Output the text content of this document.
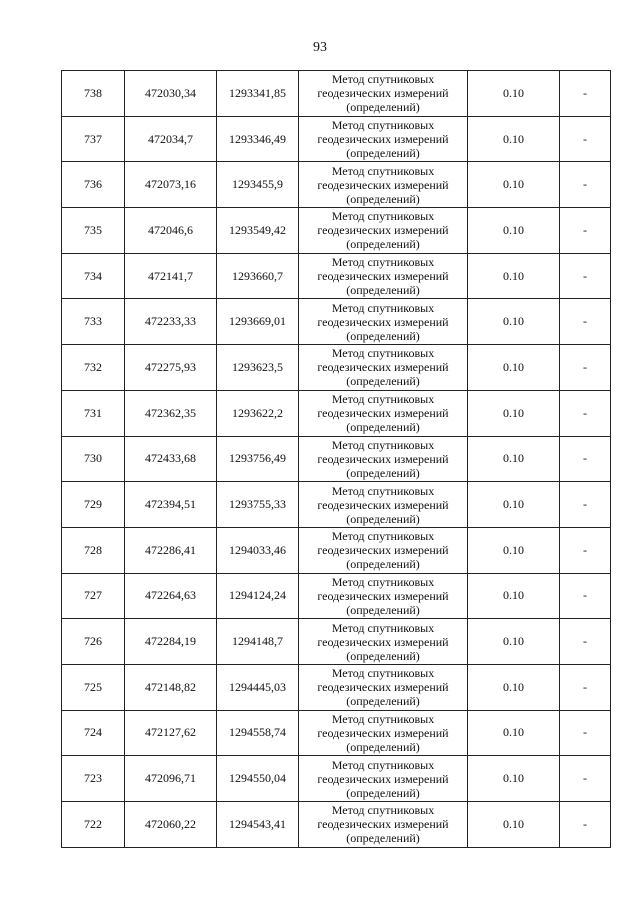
93
738	472030,34	1293341,85	Метод спутниковых
геодезических измерений
(определений)	0.10	-
737	472034,7	1293346,49	Метод спутниковых
геодезических измерений
(определений)	0.10	-
736	472073,16	1293455,9	Метод спутниковых
геодезических измерений
(определений)	0.10	-
735	472046,6	1293549,42	Метод спутниковых
геодезических измерений
(определений)	0.10	-
734	472141,7	1293660,7	Метод спутниковых
геодезических измерений
(определений)	0.10	-
733	472233,33	1293669,01	Метод спутниковых
геодезических измерений
(определений)	0.10	-
732	472275,93	1293623,5	Метод спутниковых
геодезических измерений
(определений)	0.10	-
731	472362,35	1293622,2	Метод спутниковых
геодезических измерений
(определений)	0.10	-
730	472433,68	1293756,49	Метод спутниковых
геодезических измерений
(определений)	0.10	-
729	472394,51	1293755,33	Метод спутниковых
геодезических измерений
(определений)	0.10	-
728	472286,41	1294033,46	Метод спутниковых
геодезических измерений
(определений)	0.10	-
727	472264,63	1294124,24	Метод спутниковых
геодезических измерений
(определений)	0.10	-
726	472284,19	1294148,7	Метод спутниковых
геодезических измерений
(определений)	0.10	-
725	472148,82	1294445,03	Метод спутниковых
геодезических измерений
(определений)	0.10	-
724	472127,62	1294558,74	Метод спутниковых
геодезических измерений
(определений)	0.10	-
723	472096,71	1294550,04	Метод спутниковых
геодезических измерений
(определений)	0.10	-
722	472060,22	1294543,41	Метод спутниковых
геодезических измерений
(определений)	0.10	-
